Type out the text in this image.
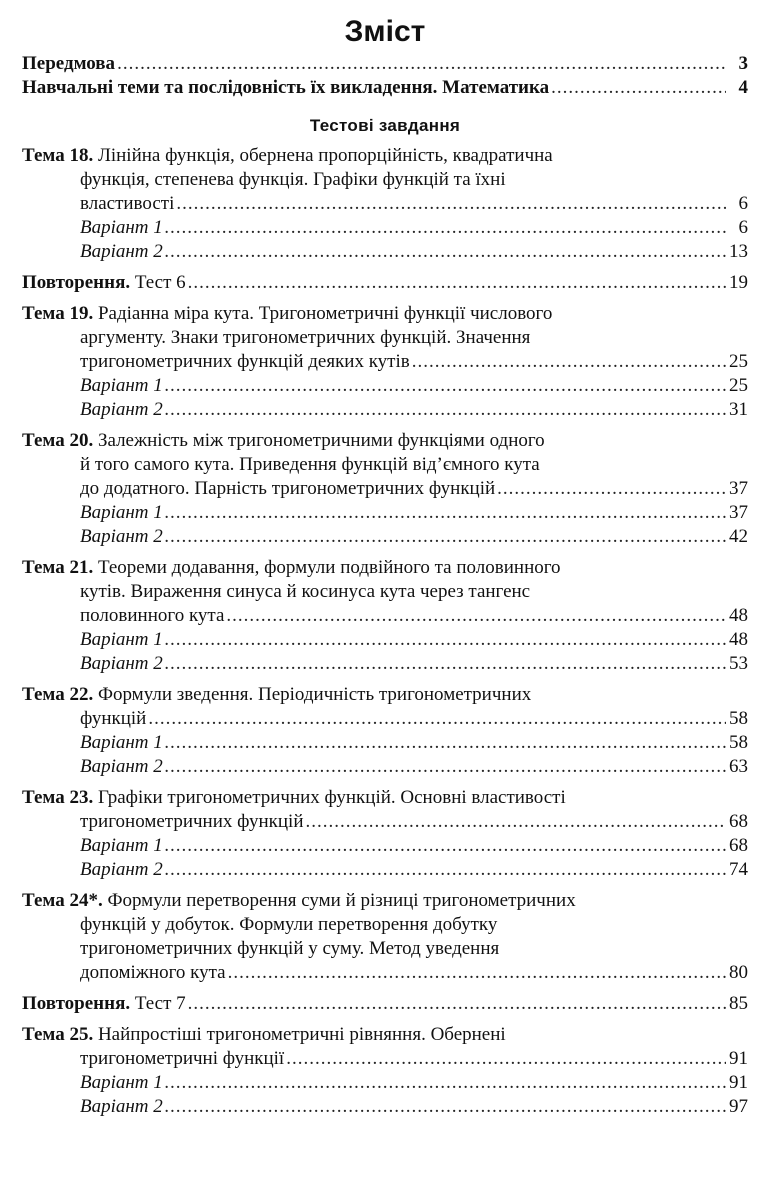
Зміст
Передмова .....	3
Навчальні теми та послідовність їх викладення. Математика .....	4
Тестові завдання
Тема 18. Лінійна функція, обернена пропорційність, квадратична
функція, степенева функція. Графіки функцій та їхні
властивості .....	6
Варіант 1 .....	6
Варіант 2 .....	13
Повторення. Тест 6 .....	19
Тема 19. Радіанна міра кута. Тригонометричні функції числового
аргументу. Знаки тригонометричних функцій. Значення
тригонометричних функцій деяких кутів .....	25
Варіант 1 .....	25
Варіант 2 .....	31
Тема 20. Залежність між тригонометричними функціями одного
й того самого кута. Приведення функцій від’ємного кута
до додатного. Парність тригонометричних функцій .....	37
Варіант 1 .....	37
Варіант 2 .....	42
Тема 21. Теореми додавання, формули подвійного та половинного
кутів. Вираження синуса й косинуса кута через тангенс
половинного кута .....	48
Варіант 1 .....	48
Варіант 2 .....	53
Тема 22. Формули зведення. Періодичність тригонометричних
функцій .....	58
Варіант 1 .....	58
Варіант 2 .....	63
Тема 23. Графіки тригонометричних функцій. Основні властивості
тригонометричних функцій .....	68
Варіант 1 .....	68
Варіант 2 .....	74
Тема 24*. Формули перетворення суми й різниці тригонометричних
функцій у добуток. Формули перетворення добутку
тригонометричних функцій у суму. Метод уведення
допоміжного кута .....	80
Повторення. Тест 7 .....	85
Тема 25. Найпростіші тригонометричні рівняння. Обернені
тригонометричні функції .....	91
Варіант 1 .....	91
Варіант 2 .....	97
